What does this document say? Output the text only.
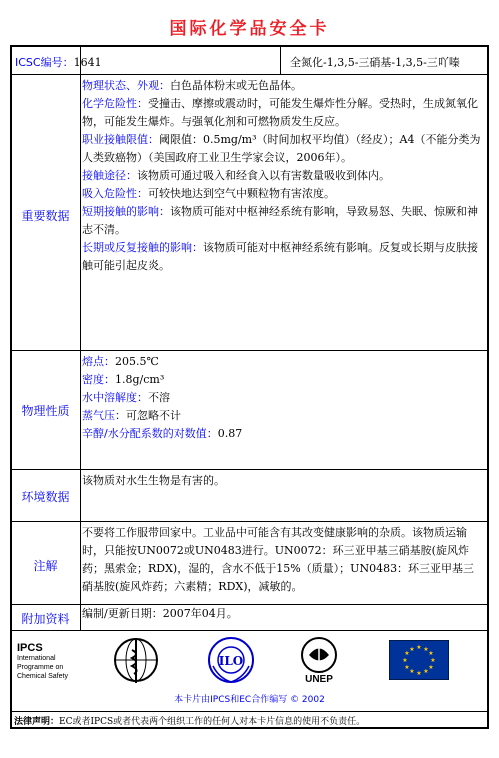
国际化学品安全卡
ICSC编号：1641	全氮化-1,3,5-三硝基-1,3,5-三吖嗪
重要数据

物理状态、外观：白色晶体粉末或无色晶体。

化学危险性：受撞击、摩擦或震动时，可能发生爆炸性分解。受热时，生成氮氧化物，可能发生爆炸。与强氧化剂和可燃物质发生反应。

职业接触限值：阈限值：0.5mg/m³（时间加权平均值）（经皮）；A4（不能分类为人类致癌物）（美国政府工业卫生学家会议，2006年）。

接触途径：该物质可通过吸入和经食入以有害数量吸收到体内。

吸入危险性：可较快地达到空气中颗粒物有害浓度。

短期接触的影响：该物质可能对中枢神经系统有影响，导致易怒、失眠、惊厥和神志不清。

长期或反复接触的影响：该物质可能对中枢神经系统有影响。反复或长期与皮肤接触可能引起皮炎。

物理性质

熔点：205.5℃

密度：1.8g/cm³

水中溶解度：不溶

蒸气压：可忽略不计

辛醇/水分配系数的对数值：0.87

环境数据
该物质对水生生物是有害的。
注解
不要将工作服带回家中。工业品中可能含有其改变健康影响的杂质。该物质运输时，只能按UN0072或UN0483进行。UN0072：环三亚甲基三硝基胺(旋风炸药；黑索金；RDX)，湿的，含水不低于15%（质量）；UN0483：环三亚甲基三硝基胺(旋风炸药；六素精；RDX)，减敏的。
附加资料	编制/更新日期：2007年04月。
IPCS
International
Programme on
Chemical Safety
ILO
UNEP
★ ★
★
★
★
★
★
★
★
★
★
★
本卡片由IPCS和EC合作编写 © 2002
法律声明：EC或者IPCS或者代表两个组织工作的任何人对本卡片信息的使用不负责任。
